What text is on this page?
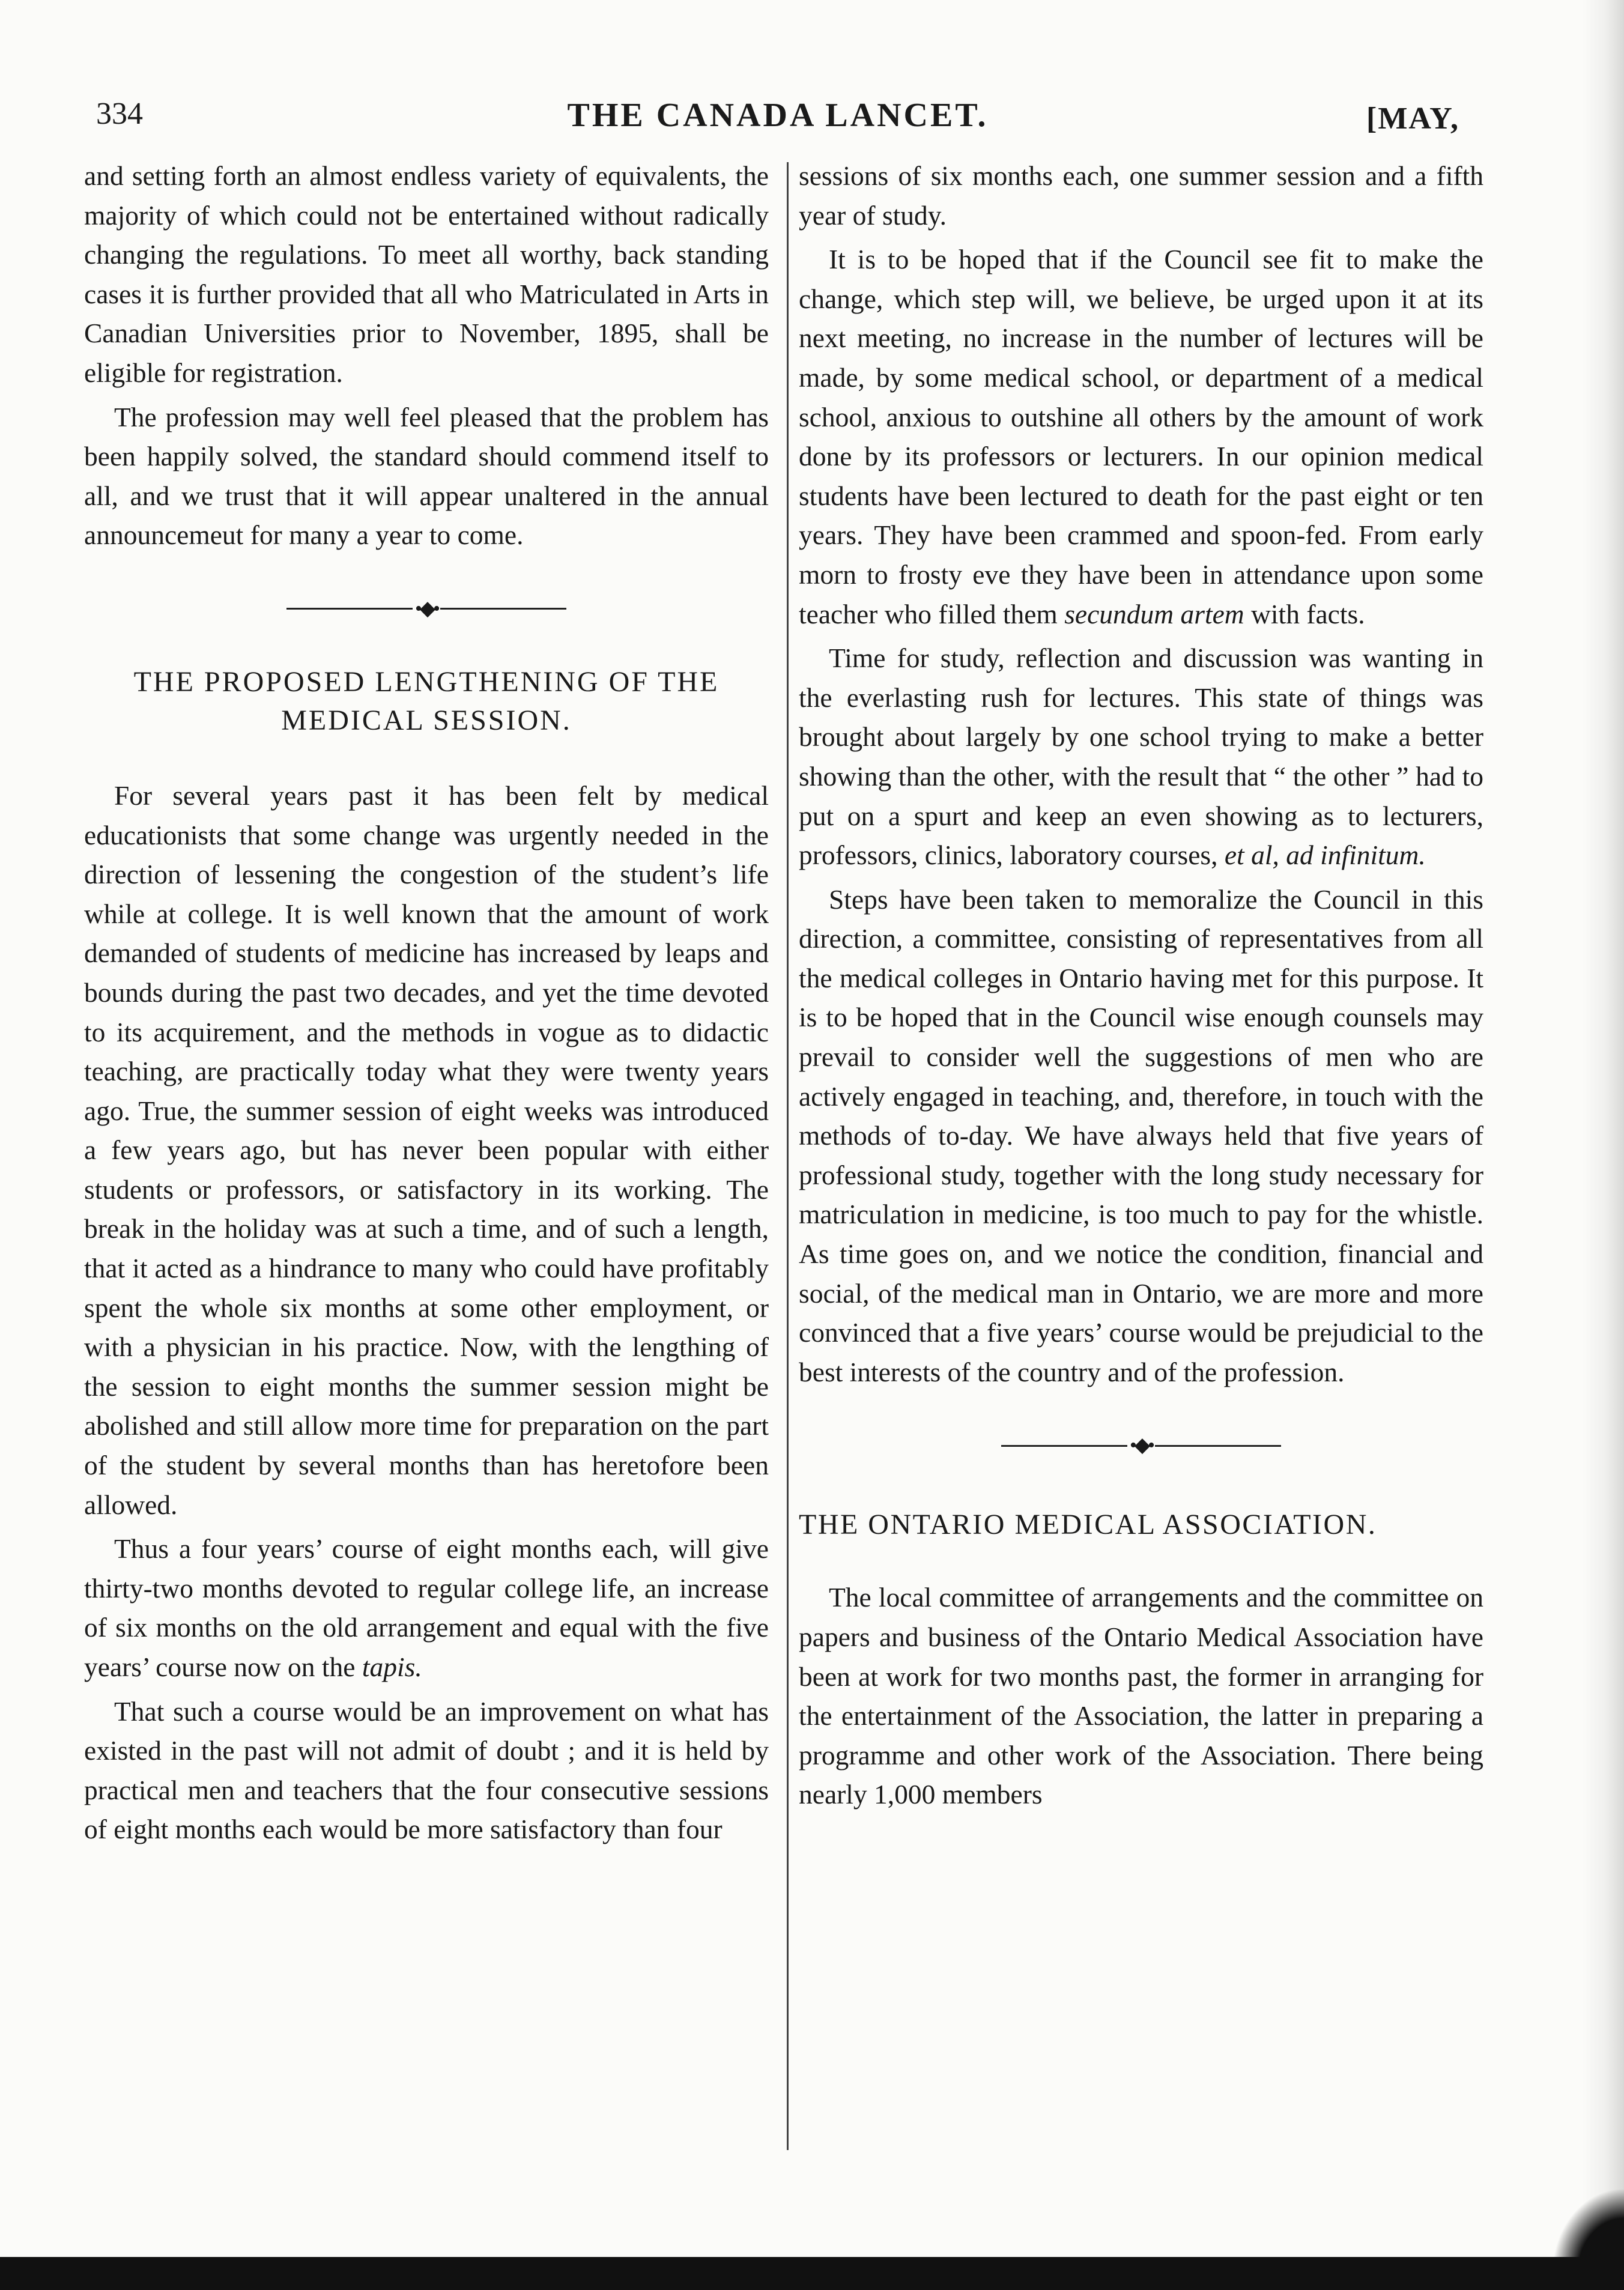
334	THE CANADA LANCET.	[MAY,

and setting forth an almost endless variety of equivalents, the majority of which could not be entertained without radically changing the regulations. To meet all worthy, back standing cases it is further provided that all who Matriculated in Arts in Canadian Universities prior to November, 1895, shall be eligible for registration.

The profession may well feel pleased that the problem has been happily solved, the standard should commend itself to all, and we trust that it will appear unaltered in the annual announcemeut for many a year to come.

•◆•
THE PROPOSED LENGTHENING OF THE MEDICAL SESSION.

For several years past it has been felt by medical educationists that some change was urgently needed in the direction of lessening the congestion of the student’s life while at college. It is well known that the amount of work demanded of students of medicine has increased by leaps and bounds during the past two decades, and yet the time devoted to its acquirement, and the methods in vogue as to didactic teaching, are practically today what they were twenty years ago. True, the summer session of eight weeks was introduced a few years ago, but has never been popular with either students or professors, or satisfactory in its working. The break in the holiday was at such a time, and of such a length, that it acted as a hindrance to many who could have profitably spent the whole six months at some other employment, or with a physician in his practice. Now, with the lengthing of the session to eight months the summer session might be abolished and still allow more time for preparation on the part of the student by several months than has heretofore been allowed.

Thus a four years’ course of eight months each, will give thirty-two months devoted to regular college life, an increase of six months on the old arrangement and equal with the five years’ course now on the tapis.

That such a course would be an improvement on what has existed in the past will not admit of doubt ; and it is held by practical men and teachers that the four consecutive sessions of eight months each would be more satisfactory than four

sessions of six months each, one summer session and a fifth year of study.

It is to be hoped that if the Council see fit to make the change, which step will, we believe, be urged upon it at its next meeting, no increase in the number of lectures will be made, by some medical school, or department of a medical school, anxious to outshine all others by the amount of work done by its professors or lecturers. In our opinion medical students have been lectured to death for the past eight or ten years. They have been crammed and spoon-fed. From early morn to frosty eve they have been in attendance upon some teacher who filled them secundum artem with facts.

Time for study, reflection and discussion was wanting in the everlasting rush for lectures. This state of things was brought about largely by one school trying to make a better showing than the other, with the result that “ the other ” had to put on a spurt and keep an even showing as to lecturers, professors, clinics, laboratory courses, et al, ad infinitum.

Steps have been taken to memoralize the Council in this direction, a committee, consisting of representatives from all the medical colleges in Ontario having met for this purpose. It is to be hoped that in the Council wise enough counsels may prevail to consider well the suggestions of men who are actively engaged in teaching, and, therefore, in touch with the methods of to-day. We have always held that five years of professional study, together with the long study necessary for matriculation in medicine, is too much to pay for the whistle. As time goes on, and we notice the condition, financial and social, of the medical man in Ontario, we are more and more convinced that a five years’ course would be prejudicial to the best interests of the country and of the profession.

•◆•
THE ONTARIO MEDICAL ASSOCIATION.

The local committee of arrangements and the committee on papers and business of the Ontario Medical Association have been at work for two months past, the former in arranging for the entertainment of the Association, the latter in preparing a programme and other work of the Association. There being nearly 1,000 members
